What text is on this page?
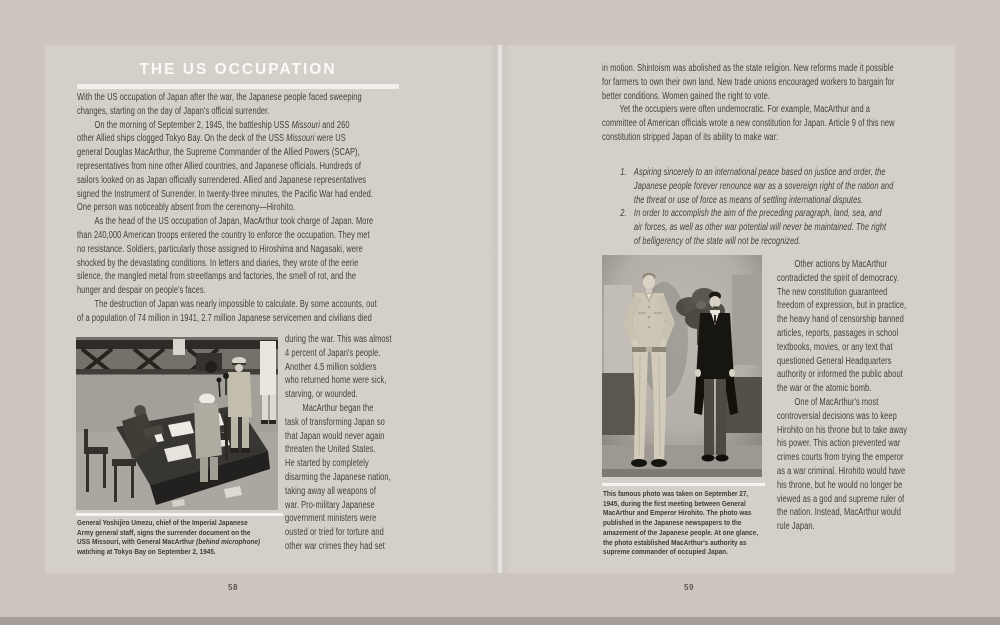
THE US OCCUPATION
With the US occupation of Japan after the war, the Japanese people faced sweeping
changes, starting on the day of Japan's official surrender.
On the morning of September 2, 1945, the battleship USS Missouri and 260
other Allied ships clogged Tokyo Bay. On the deck of the USS Missouri were US
general Douglas MacArthur, the Supreme Commander of the Allied Powers (SCAP),
representatives from nine other Allied countries, and Japanese officials. Hundreds of
sailors looked on as Japan officially surrendered. Allied and Japanese representatives
signed the Instrument of Surrender. In twenty-three minutes, the Pacific War had ended.
One person was noticeably absent from the ceremony—Hirohito.
As the head of the US occupation of Japan, MacArthur took charge of Japan. More
than 240,000 American troops entered the country to enforce the occupation. They met
no resistance. Soldiers, particularly those assigned to Hiroshima and Nagasaki, were
shocked by the devastating conditions. In letters and diaries, they wrote of the eerie
silence, the mangled metal from streetlamps and factories, the smell of rot, and the
hunger and despair on people's faces.
The destruction of Japan was nearly impossible to calculate. By some accounts, out
of a population of 74 million in 1941, 2.7 million Japanese servicemen and civilians died
during the war. This was almost
4 percent of Japan's people.
Another 4.5 million soldiers
who returned home were sick,
starving, or wounded.
MacArthur began the
task of transforming Japan so
that Japan would never again
threaten the United States.
He started by completely
disarming the Japanese nation,
taking away all weapons of
war. Pro-military Japanese
government ministers were
ousted or tried for torture and
other war crimes they had set
General Yoshijiro Umezu, chief of the Imperial Japanese
Army general staff, signs the surrender document on the
USS Missouri, with General MacArthur (behind microphone)
watching at Tokyo Bay on September 2, 1945.
in motion. Shintoism was abolished as the state religion. New reforms made it possible
for farmers to own their own land. New trade unions encouraged workers to bargain for
better conditions. Women gained the right to vote.
Yet the occupiers were often undemocratic. For example, MacArthur and a
committee of American officials wrote a new constitution for Japan. Article 9 of this new
constitution stripped Japan of its ability to make war:
1. Aspiring sincerely to an international peace based on justice and order, the
Japanese people forever renounce war as a sovereign right of the nation and
the threat or use of force as means of settling international disputes.
2. In order to accomplish the aim of the preceding paragraph, land, sea, and
air forces, as well as other war potential will never be maintained. The right
of belligerency of the state will not be recognized.
This famous photo was taken on September 27,
1945, during the first meeting between General
MacArthur and Emperor Hirohito. The photo was
published in the Japanese newspapers to the
amazement of the Japanese people. At one glance,
the photo established MacArthur's authority as
supreme commander of occupied Japan.
Other actions by MacArthur
contradicted the spirit of democracy.
The new constitution guaranteed
freedom of expression, but in practice,
the heavy hand of censorship banned
articles, reports, passages in school
textbooks, movies, or any text that
questioned General Headquarters
authority or informed the public about
the war or the atomic bomb.
One of MacArthur's most
controversial decisions was to keep
Hirohito on his throne but to take away
his power. This action prevented war
crimes courts from trying the emperor
as a war criminal. Hirohito would have
his throne, but he would no longer be
viewed as a god and supreme ruler of
the nation. Instead, MacArthur would
rule Japan.
58	59
